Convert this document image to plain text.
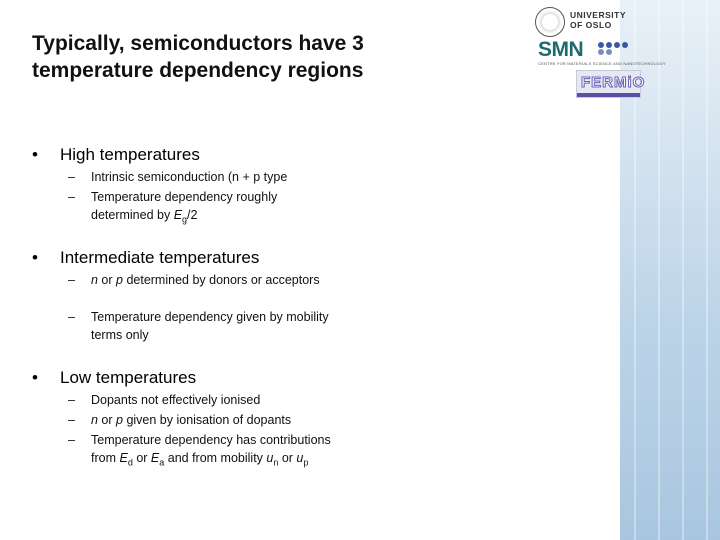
UNIVERSITY
OF OSLO
SMN
CENTRE FOR MATERIALS SCIENCE AND NANOTECHNOLOGY
FERMiO
Typically, semiconductors have 3
temperature dependency regions
•	High temperatures
– Intrinsic semiconduction (n + p type
– Temperature dependency roughly determined by $E_g/2$
•	Intermediate temperatures
– n or p determined by donors or acceptors
– Temperature dependency given by mobility terms only
•	Low temperatures
– Dopants not effectively ionised
– n or p given by ionisation of dopants
– Temperature dependency has contributions from $E_d$ or $E_a$ and from mobility $u_n$ or $u_p$
